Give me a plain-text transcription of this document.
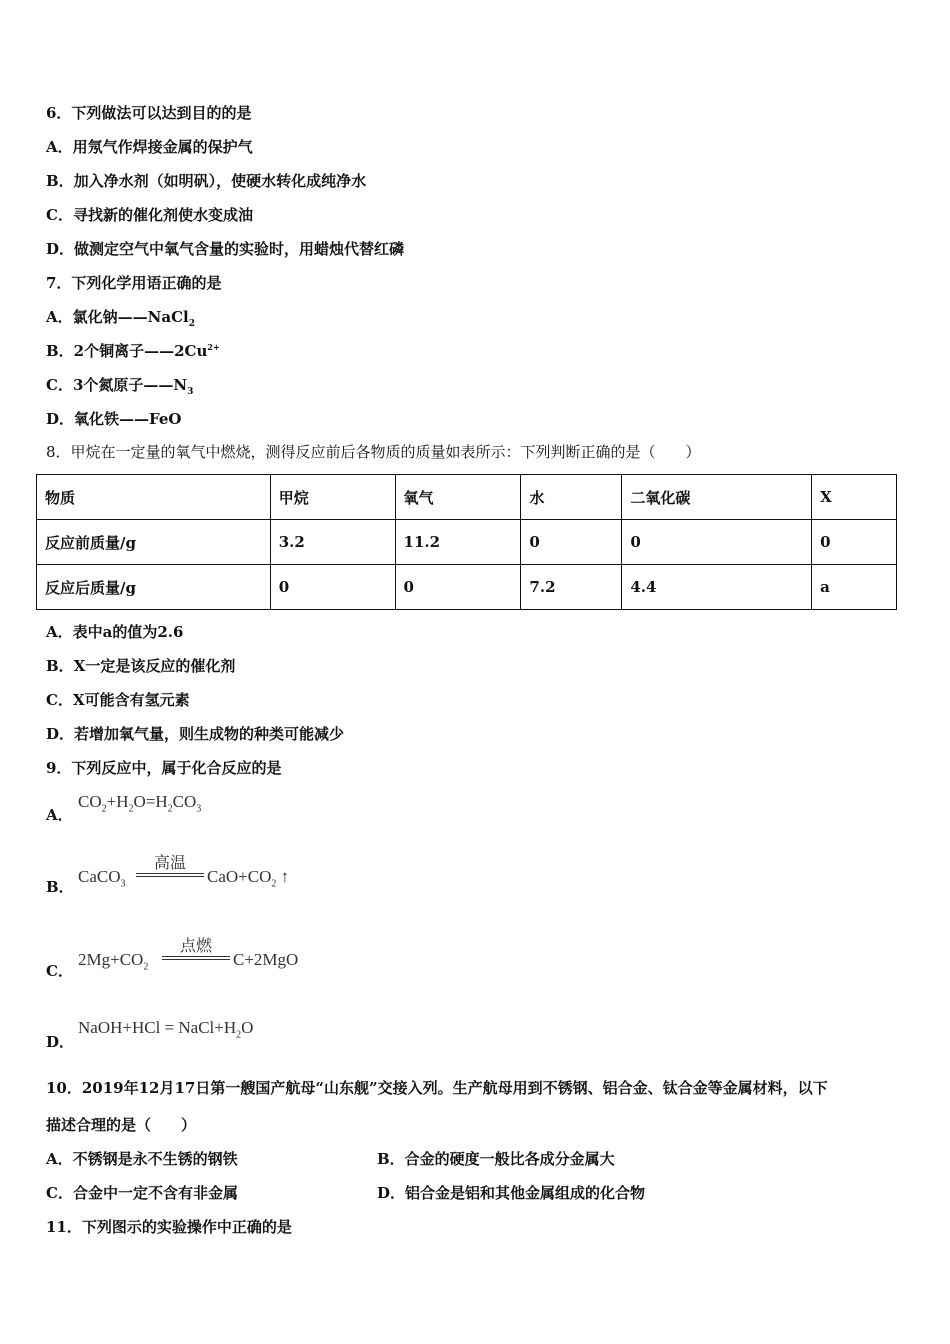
6．下列做法可以达到目的的是
A．用氖气作焊接金属的保护气
B．加入净水剂（如明矾），使硬水转化成纯净水
C．寻找新的催化剂使水变成油
D．做测定空气中氧气含量的实验时，用蜡烛代替红磷
7．下列化学用语正确的是
A．氯化钠——NaCl$_2$
B．2个铜离子$——2Cu^{2+}$
C．3个氮原子$——N_3$
D．氧化铁——FeO
8．甲烷在一定量的氧气中燃烧，测得反应前后各物质的质量如表所示：下列判断正确的是（　　）
物质	甲烷	氧气	水	二氧化碳	X
反应前质量/g	3.2	11.2	0	0	0
反应后质量/g	0	0	7.2	4.4	a
A．表中a的值为2.6
B．X一定是该反应的催化剂
C．X可能含有氢元素
D．若增加氧气量，则生成物的种类可能减少
9．下列反应中，属于化合反应的是
A．
$CO_2+H_2O=H_2CO_3$
B．
CaCO$_3$
高温
$CaO+CO_2$ ↑
C．
$2Mg+CO_2$
点燃
C+2MgO
D．
NaOH+HCl = $NaCl+H_2O$
10．2019年12月17日第一艘国产航母“山东舰”交接入列。生产航母用到不锈钢、铝合金、钛合金等金属材料，以下
描述合理的是（　　）
A．不锈钢是永不生锈的钢铁	B．合金的硬度一般比各成分金属大
C．合金中一定不含有非金属	D．铝合金是铝和其他金属组成的化合物
11．下列图示的实验操作中正确的是
